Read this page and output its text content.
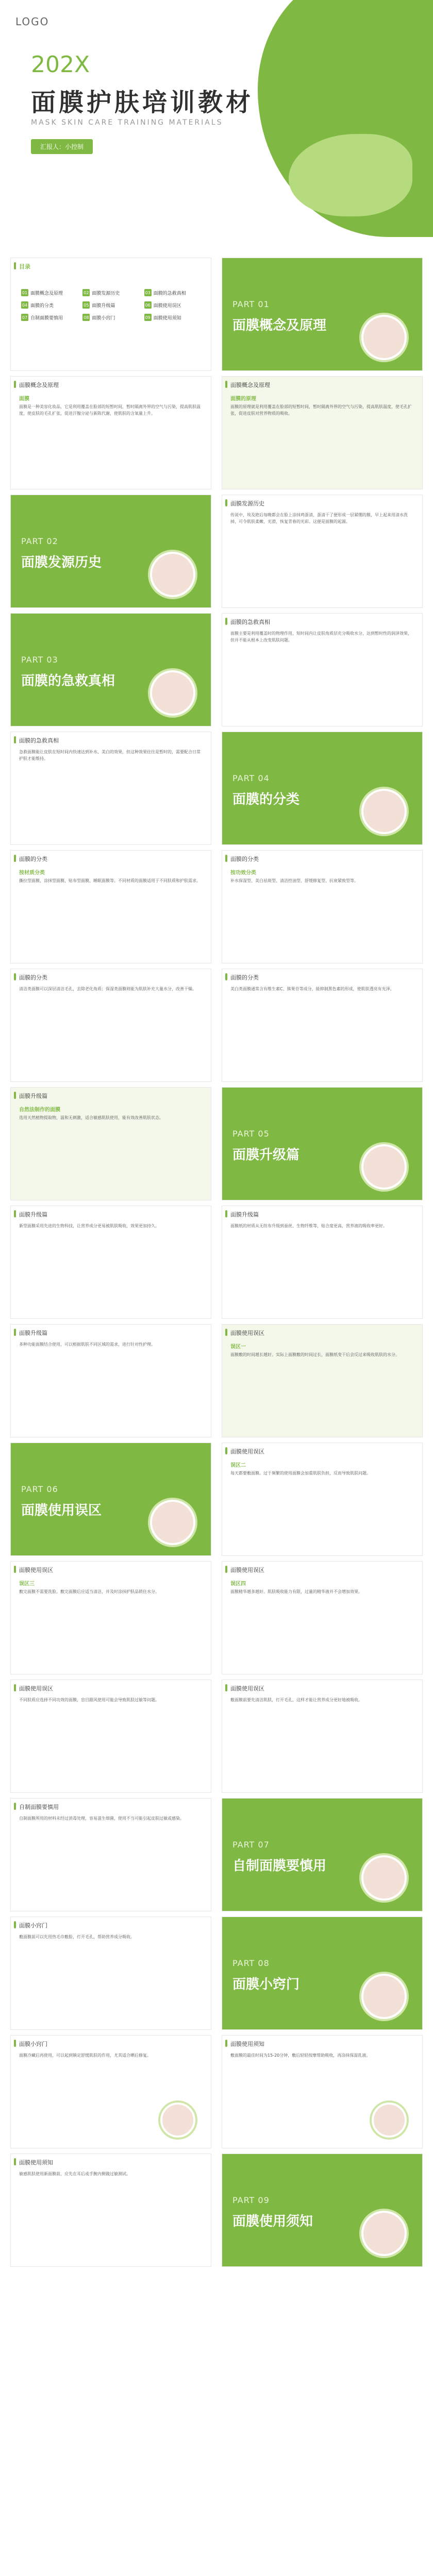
LOGO
202X
面膜护肤培训教材
MASK SKIN CARE TRAINING MATERIALS
汇报人：小控制
目录
01 面膜概念及原理	02 面膜发源历史	03 面膜的急救真相
04 面膜的分类	05 面膜升级篇	06 面膜使用误区
07 自制面膜要慎用	08 面膜小窍门	09 面膜使用须知
PART 01
面膜概念及原理
面膜概念及原理
面膜
面膜是一种美容化妆品，它是利用覆盖在脸部的短暂时间，暂时隔离外界的空气与污染，提高肌肤温度，使皮肤的毛孔扩张，促进汗腺分泌与新陈代谢，使肌肤的含氧量上升。
面膜概念及原理
面膜的原理
面膜的原理就是利用覆盖在脸部的短暂时间，暂时隔离外界的空气与污染，提高肌肤温度，使毛孔扩张，促进皮肤对营养物质的吸收。
PART 02
面膜发源历史
面膜发源历史
传说中，埃及艳后每晚都会在脸上涂抹鸡蛋清，蛋清干了便形成一层紧绷的膜，早上起来用清水洗掉，可令肌肤柔嫩、光滑，恢复青春的光彩。这便是面膜的起源。
PART 03
面膜的急救真相
面膜的急救真相
面膜主要是利用覆盖时的物理作用，短时间内让皮肤角质层充分吸收水分，达到暂时性的润泽效果，但并不能从根本上改变肌肤问题。
面膜的急救真相
急救面膜能让皮肤在短时间内快速达到补水、美白的效果，但这种效果往往是暂时的，需要配合日常护肤才能维持。
PART 04
面膜的分类
面膜的分类
按材质分类
撕拉型面膜、涂抹型面膜、贴布型面膜、睡眠面膜等。不同材质的面膜适用于不同肤质和护肤需求。
面膜的分类
按功效分类
补水保湿型、美白祛斑型、清洁控油型、舒缓修复型、抗衰紧致型等。
面膜的分类
清洁类面膜可以深层清洁毛孔，去除老化角质；保湿类面膜则能为肌肤补充大量水分，改善干燥。
面膜的分类
美白类面膜通常含有维生素C、熊果苷等成分，能抑制黑色素的形成，使肌肤透亮有光泽。
面膜升级篇
自然法制作的面膜
选用天然植物提取物，温和无刺激，适合敏感肌肤使用，能有效改善肌肤状态。
PART 05
面膜升级篇
面膜升级篇
新型面膜采用先进的生物科技，让营养成分更易被肌肤吸收，效果更加持久。
面膜升级篇
面膜纸的材质从无纺布升级到蚕丝、生物纤维等，贴合度更高，营养液的吸收率更好。
面膜升级篇
多种功能面膜结合使用，可以根据肌肤不同区域的需求，进行针对性护理。
面膜使用误区
误区一
面膜敷的时间越长越好。实际上面膜敷的时间过长，面膜纸变干后会反过来吸收肌肤的水分。
PART 06
面膜使用误区
面膜使用误区
误区二
每天都要敷面膜。过于频繁的使用面膜会加重肌肤负担，反而导致肌肤问题。
面膜使用误区
误区三
敷完面膜不需要洗脸。敷完面膜后应适当清洁，并及时涂抹护肤品锁住水分。
面膜使用误区
误区四
面膜精华越多越好。肌肤吸收能力有限，过量的精华液并不会增加效果。
面膜使用误区
不同肤质应选择不同功效的面膜，盲目跟风使用可能会导致肌肤过敏等问题。
面膜使用误区
敷面膜前要先清洁肌肤，打开毛孔，这样才能让营养成分更好地被吸收。
自制面膜要慎用
自制面膜所用的材料未经过消毒处理，容易滋生细菌，使用不当可能引起皮肤过敏或感染。
PART 07
自制面膜要慎用
面膜小窍门
敷面膜前可以先用热毛巾敷脸，打开毛孔，帮助营养成分吸收。
PART 08
面膜小窍门
面膜小窍门
面膜冷藏后再使用，可以起到镇定舒缓肌肤的作用，尤其适合晒后修复。
面膜使用须知
敷面膜的最佳时间为15-20分钟，敷后轻轻按摩帮助吸收，再涂抹保湿乳液。
面膜使用须知
敏感肌肤使用新面膜前，应先在耳后或手腕内侧做过敏测试。
PART 09
面膜使用须知
